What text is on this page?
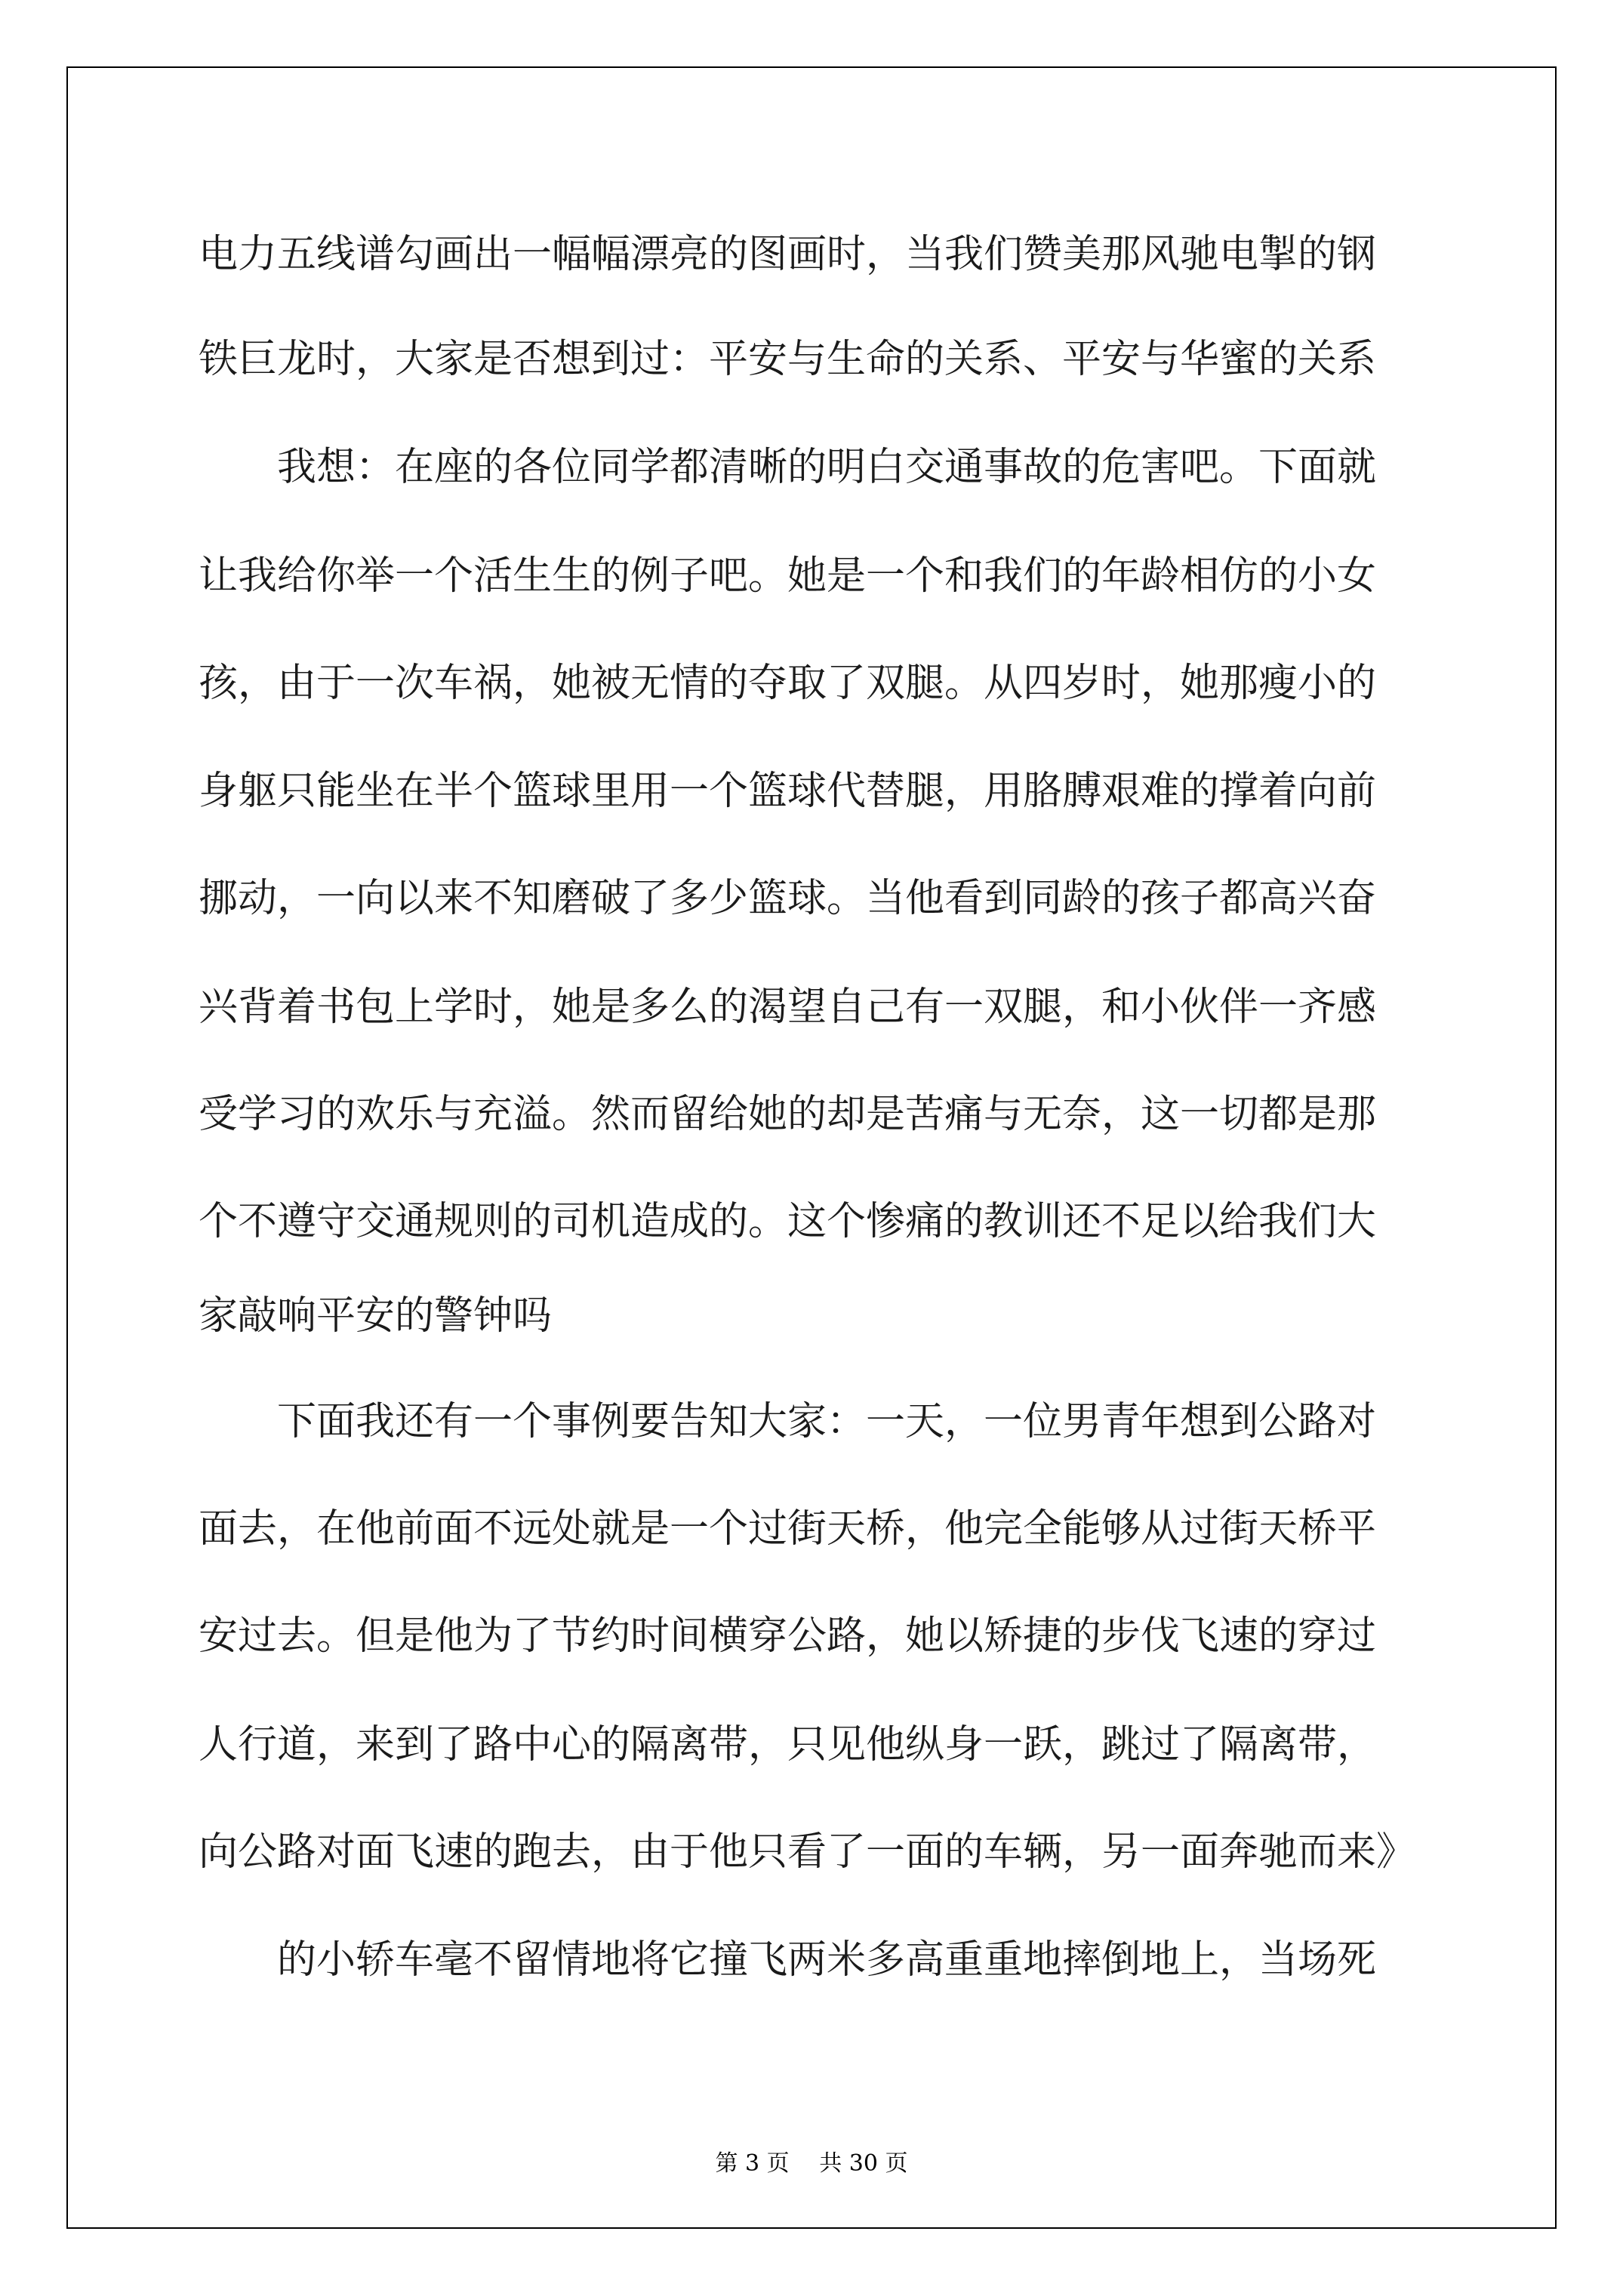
电力五线谱勾画出一幅幅漂亮的图画时，当我们赞美那风驰电掣的钢
铁巨龙时，大家是否想到过：平安与生命的关系、平安与华蜜的关系
　　我想：在座的各位同学都清晰的明白交通事故的危害吧。下面就
让我给你举一个活生生的例子吧。她是一个和我们的年龄相仿的小女
孩，由于一次车祸，她被无情的夺取了双腿。从四岁时，她那瘦小的
身躯只能坐在半个篮球里用一个篮球代替腿，用胳膊艰难的撑着向前
挪动，一向以来不知磨破了多少篮球。当他看到同龄的孩子都高兴奋
兴背着书包上学时，她是多么的渴望自己有一双腿，和小伙伴一齐感
受学习的欢乐与充溢。然而留给她的却是苦痛与无奈，这一切都是那
个不遵守交通规则的司机造成的。这个惨痛的教训还不足以给我们大
家敲响平安的警钟吗
　　下面我还有一个事例要告知大家：一天，一位男青年想到公路对
面去，在他前面不远处就是一个过街天桥，他完全能够从过街天桥平
安过去。但是他为了节约时间横穿公路，她以矫捷的步伐飞速的穿过
人行道，来到了路中心的隔离带，只见他纵身一跃，跳过了隔离带，
向公路对面飞速的跑去，由于他只看了一面的车辆，另一面奔驰而来》
　　的小轿车毫不留情地将它撞飞两米多高重重地摔倒地上，当场死
第 3 页　 共 30 页
